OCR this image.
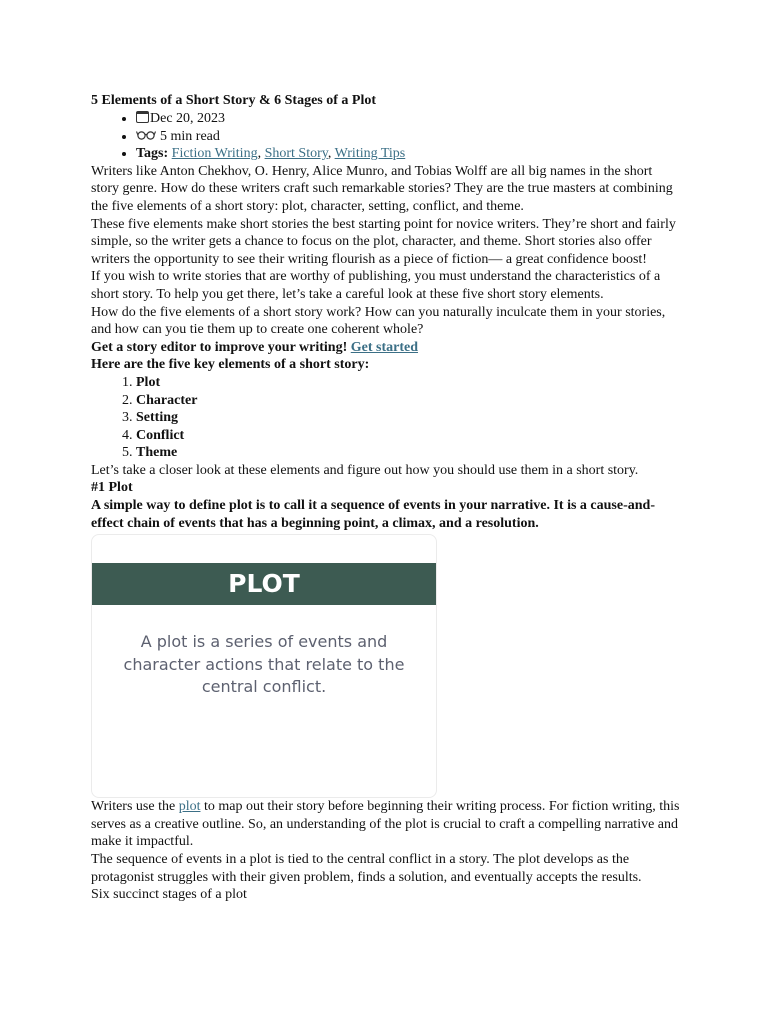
5 Elements of a Short Story & 6 Stages of a Plot
• Dec 20, 2023
• 5 min read
• Tags: Fiction Writing, Short Story, Writing Tips

Writers like Anton Chekhov, O. Henry, Alice Munro, and Tobias Wolff are all big names in the short story genre. How do these writers craft such remarkable stories? They are the true masters at combining the five elements of a short story: plot, character, setting, conflict, and theme.

These five elements make short stories the best starting point for novice writers. They’re short and fairly simple, so the writer gets a chance to focus on the plot, character, and theme. Short stories also offer writers the opportunity to see their writing flourish as a piece of fiction— a great confidence boost!

If you wish to write stories that are worthy of publishing, you must understand the characteristics of a short story. To help you get there, let’s take a careful look at these five short story elements.

How do the five elements of a short story work? How can you naturally inculcate them in your stories, and how can you tie them up to create one coherent whole?

Get a story editor to improve your writing! Get started

Here are the five key elements of a short story:

1. Plot
2. Character
3. Setting
4. Conflict
5. Theme

Let’s take a closer look at these elements and figure out how you should use them in a short story.

#1 Plot

A simple way to define plot is to call it a sequence of events in your narrative. It is a cause-and-effect chain of events that has a beginning point, a climax, and a resolution.

PLOT
A plot is a series of events and character actions that relate to the central conflict.

Writers use the plot to map out their story before beginning their writing process. For fiction writing, this serves as a creative outline. So, an understanding of the plot is crucial to craft a compelling narrative and make it impactful.

The sequence of events in a plot is tied to the central conflict in a story. The plot develops as the protagonist struggles with their given problem, finds a solution, and eventually accepts the results.

Six succinct stages of a plot
